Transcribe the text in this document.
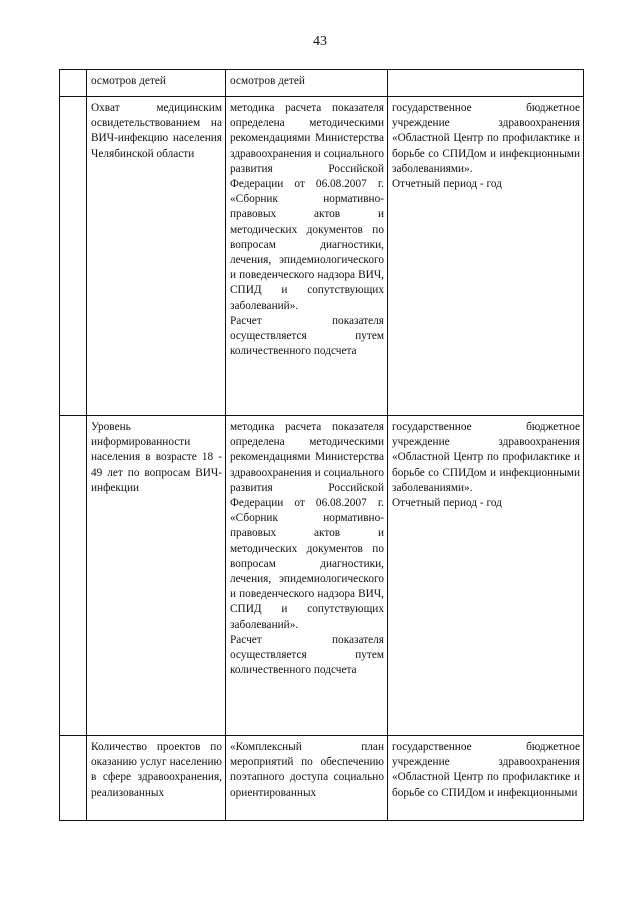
43

	осмотров детей	осмотров детей	

	Охват медицинским освидетельствованием на ВИЧ-инфекцию населения Челябинской области	методика расчета показателя определена методическими рекомендациями Министерства здравоохранения и социального развития Российской Федерации от 06.08.2007 г. «Сборник нормативно-правовых актов и методических документов по вопросам диагностики, лечения, эпидемиологического и поведенческого надзора ВИЧ, СПИД и сопутствующих заболеваний».
Расчет показателя осуществляется путем количественного подсчета	государственное бюджетное учреждение здравоохранения «Областной Центр по профилактике и борьбе со СПИДом и инфекционными заболеваниями».
Отчетный период - год

	Уровень информированности населения в возрасте 18 - 49 лет по вопросам ВИЧ-инфекции	методика расчета показателя определена методическими рекомендациями Министерства здравоохранения и социального развития Российской Федерации от 06.08.2007 г. «Сборник нормативно-правовых актов и методических документов по вопросам диагностики, лечения, эпидемиологического и поведенческого надзора ВИЧ, СПИД и сопутствующих заболеваний».
Расчет показателя осуществляется путем количественного подсчета	государственное бюджетное учреждение здравоохранения «Областной Центр по профилактике и борьбе со СПИДом и инфекционными заболеваниями».
Отчетный период - год

	Количество проектов по оказанию услуг населению в сфере здравоохранения, реализованных	«Комплексный план мероприятий по обеспечению поэтапного доступа социально ориентированных	государственное бюджетное учреждение здравоохранения «Областной Центр по профилактике и борьбе со СПИДом и инфекционными
